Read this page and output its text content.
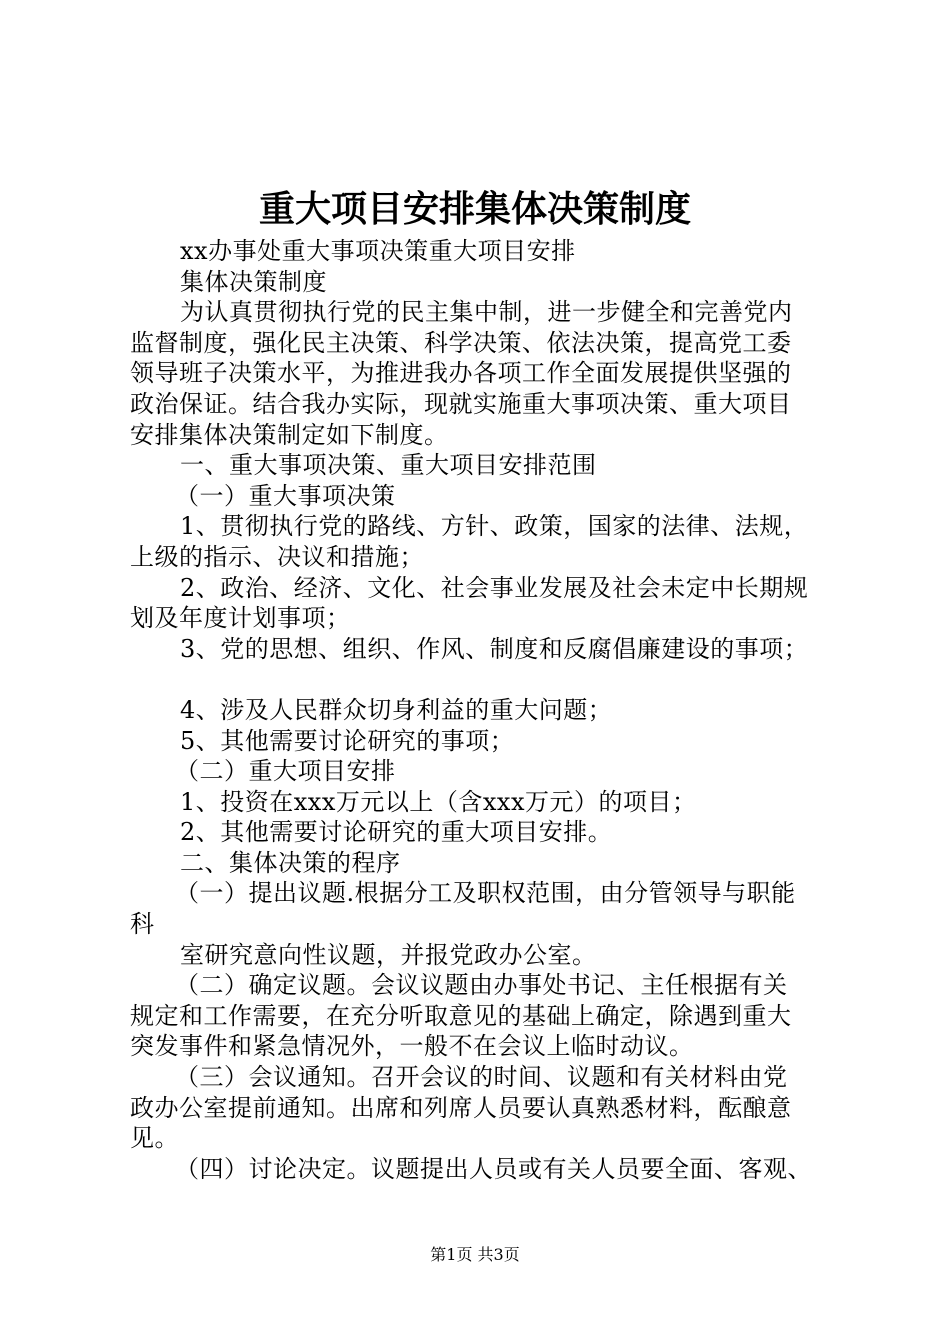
重大项目安排集体决策制度
xx办事处重大事项决策重大项目安排
集体决策制度
为认真贯彻执行党的民主集中制，进一步健全和完善党内
监督制度，强化民主决策、科学决策、依法决策，提高党工委
领导班子决策水平，为推进我办各项工作全面发展提供坚强的
政治保证。结合我办实际，现就实施重大事项决策、重大项目
安排集体决策制定如下制度。
一、重大事项决策、重大项目安排范围
（一）重大事项决策
1、贯彻执行党的路线、方针、政策，国家的法律、法规，
上级的指示、决议和措施；
2、政治、经济、文化、社会事业发展及社会未定中长期规
划及年度计划事项；
3、党的思想、组织、作风、制度和反腐倡廉建设的事项；
4、涉及人民群众切身利益的重大问题；
5、其他需要讨论研究的事项；
（二）重大项目安排
1、投资在xxx万元以上（含xxx万元）的项目；
2、其他需要讨论研究的重大项目安排。
二、集体决策的程序
（一）提出议题.根据分工及职权范围，由分管领导与职能
科
室研究意向性议题，并报党政办公室。
（二）确定议题。会议议题由办事处书记、主任根据有关
规定和工作需要，在充分听取意见的基础上确定，除遇到重大
突发事件和紧急情况外，一般不在会议上临时动议。
（三）会议通知。召开会议的时间、议题和有关材料由党
政办公室提前通知。出席和列席人员要认真熟悉材料，酝酿意
见。
（四）讨论决定。议题提出人员或有关人员要全面、客观、
第1页 共3页
